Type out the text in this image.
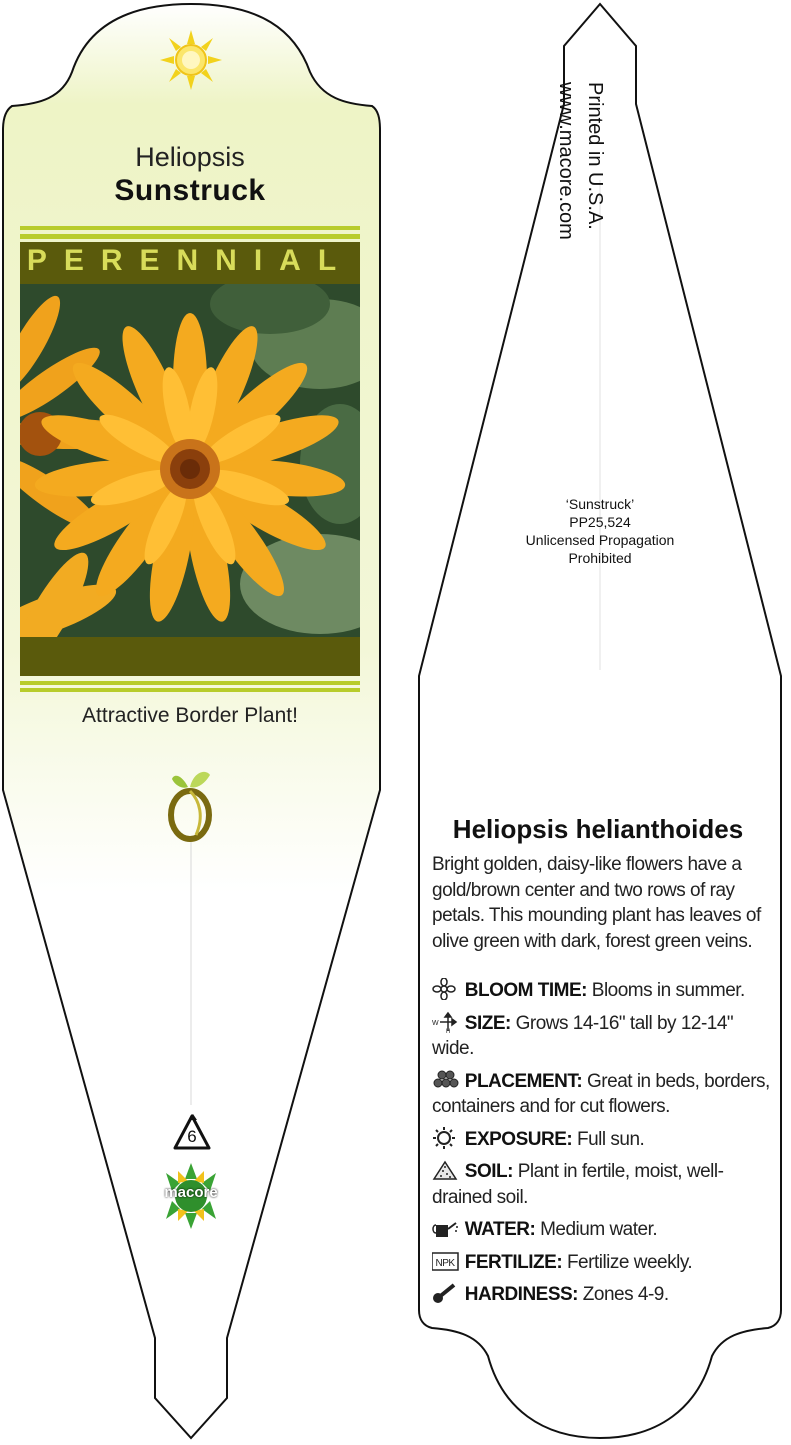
Heliopsis
Sunstruck
PERENNIAL
Attractive Border Plant!
6
macore
Printed in U.S.A.
www.macore.com
‘Sunstruck’
PP25,524
Unlicensed Propagation
Prohibited
Heliopsis helianthoides
Bright golden, daisy-like flowers have a gold/brown center and two rows of ray petals. This mounding plant has leaves of olive green with dark, forest green veins.
BLOOM TIME: Blooms in summer.
W
H SIZE: Grows 14-16" tall by 12-14" wide.
PLACEMENT: Great in beds, borders, containers and for cut flowers.
EXPOSURE: Full sun.
SOIL: Plant in fertile, moist, well-drained soil.
WATER: Medium water.
NPK FERTILIZE: Fertilize weekly.
HARDINESS: Zones 4-9.
